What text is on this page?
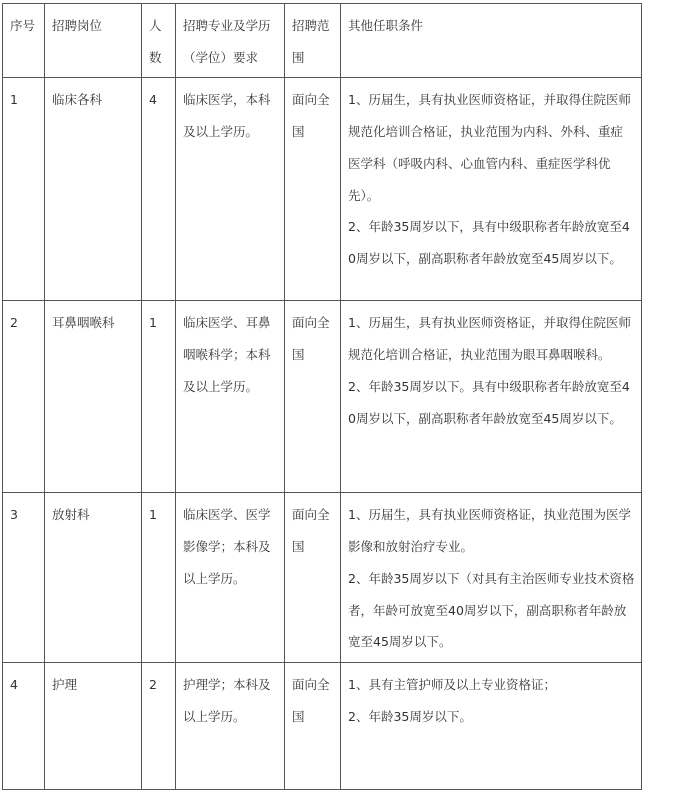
序号	招聘岗位	人数	招聘专业及学历（学位）要求	招聘范围	其他任职条件
1	临床各科	4	临床医学，本科及以上学历。	面向全国	1、历届生，具有执业医师资格证，并取得住院医师规范化培训合格证，执业范围为内科、外科、重症医学科（呼吸内科、心血管内科、重症医学科优先）。

2、年龄35周岁以下，具有中级职称者年龄放宽至40周岁以下，副高职称者年龄放宽至45周岁以下。

2	耳鼻咽喉科	1	临床医学、耳鼻咽喉科学；本科及以上学历。	面向全国	1、历届生，具有执业医师资格证，并取得住院医师规范化培训合格证，执业范围为眼耳鼻咽喉科。

2、年龄35周岁以下。具有中级职称者年龄放宽至40周岁以下，副高职称者年龄放宽至45周岁以下。

3	放射科	1	临床医学、医学影像学；本科及以上学历。	面向全国	1、历届生，具有执业医师资格证，执业范围为医学影像和放射治疗专业。

2、年龄35周岁以下（对具有主治医师专业技术资格者，年龄可放宽至40周岁以下，副高职称者年龄放宽至45周岁以下。

4	护理	2	护理学；本科及以上学历。	面向全国	1、具有主管护师及以上专业资格证；

2、年龄35周岁以下。
